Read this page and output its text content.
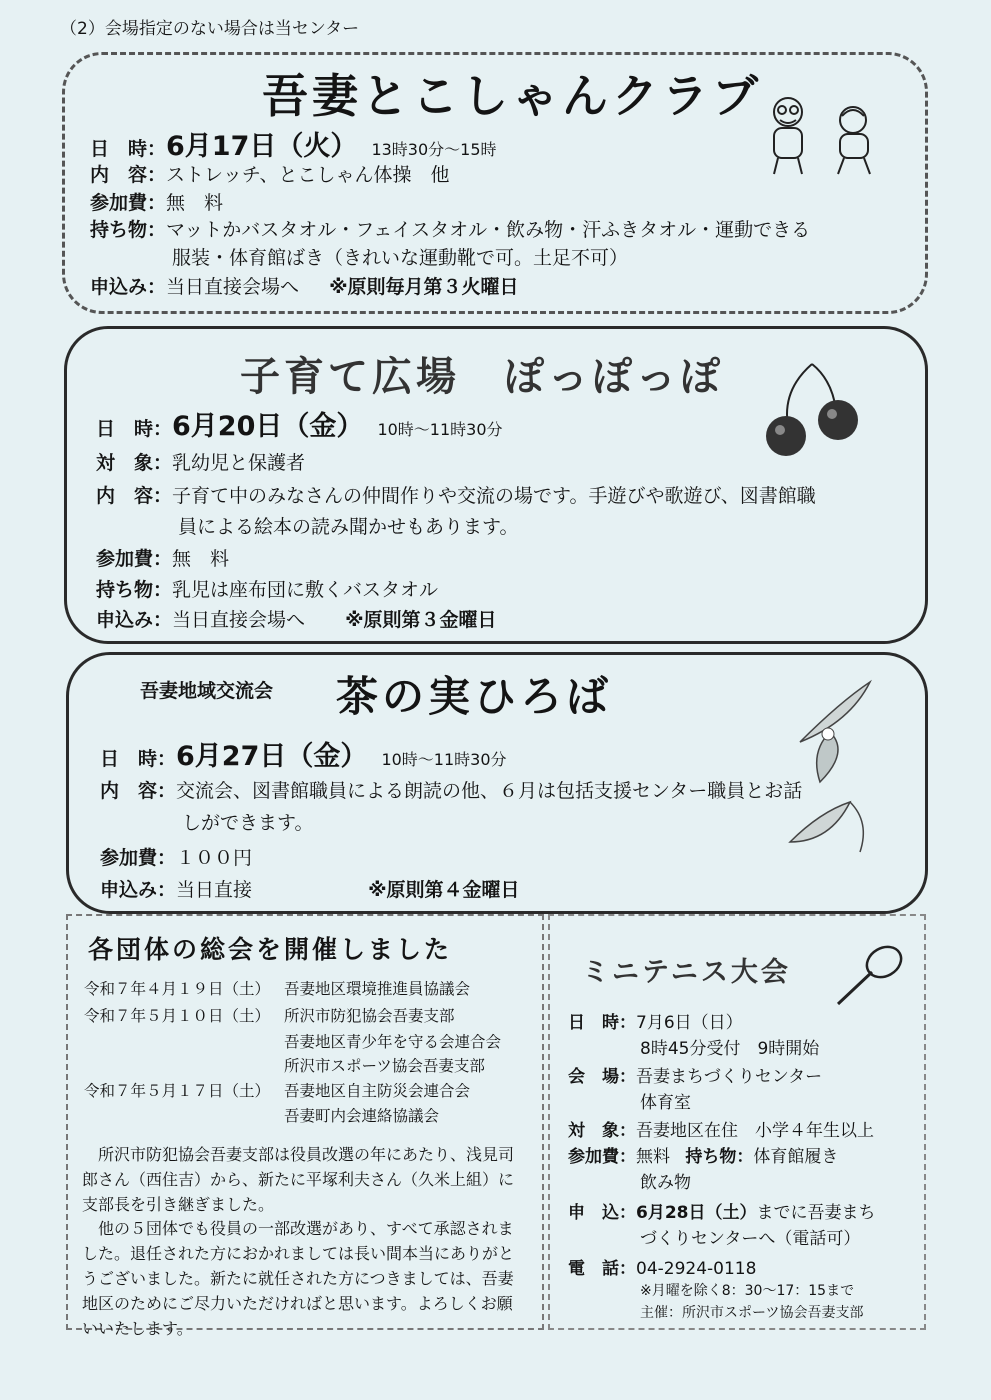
（2）会場指定のない場合は当センター
吾妻とこしゃんクラブ
日　時：6月17日（火） 13時30分～15時
内　容：ストレッチ、とこしゃん体操　他
参加費：無　料
持ち物：マットかバスタオル・フェイスタオル・飲み物・汗ふきタオル・運動できる
服装・体育館ばき（きれいな運動靴で可。土足不可）
申込み：当日直接会場へ ※原則毎月第３火曜日
子育て広場　ぽっぽっぽ
日　時：6月20日（金） 10時～11時30分
対　象：乳幼児と保護者
内　容：子育て中のみなさんの仲間作りや交流の場です。手遊びや歌遊び、図書館職
員による絵本の読み聞かせもあります。
参加費：無　料
持ち物：乳児は座布団に敷くバスタオル
申込み：当日直接会場へ ※原則第３金曜日
吾妻地域交流会 茶の実ひろば
日　時：6月27日（金） 10時～11時30分
内　容：交流会、図書館職員による朗読の他、６月は包括支援センター職員とお話
しができます。
参加費：１００円
申込み：当日直接	※原則第４金曜日
各団体の総会を開催しました
令和７年４月１９日（土） 吾妻地区環境推進員協議会
令和７年５月１０日（土） 所沢市防犯協会吾妻支部
吾妻地区青少年を守る会連合会
所沢市スポーツ協会吾妻支部
令和７年５月１７日（土） 吾妻地区自主防災会連合会
吾妻町内会連絡協議会
所沢市防犯協会吾妻支部は役員改選の年にあたり、浅見司
郎さん（西住吉）から、新たに平塚利夫さん（久米上組）に
支部長を引き継ぎました。
他の５団体でも役員の一部改選があり、すべて承認されま
した。退任された方におかれましては長い間本当にありがと
うございました。新たに就任された方につきましては、吾妻
地区のためにご尽力いただければと思います。よろしくお願
いいたします。
ミニテニス大会
日　時：7月6日（日）
8時45分受付　9時開始
会　場：吾妻まちづくりセンター
体育室
対　象：吾妻地区在住　小学４年生以上
参加費：無料 持ち物：体育館履き
飲み物
申　込：6月28日（土）までに吾妻まち
づくりセンターへ（電話可）
電　話：04-2924-0118
※月曜を除く8：30～17：15まで
主催：所沢市スポーツ協会吾妻支部
